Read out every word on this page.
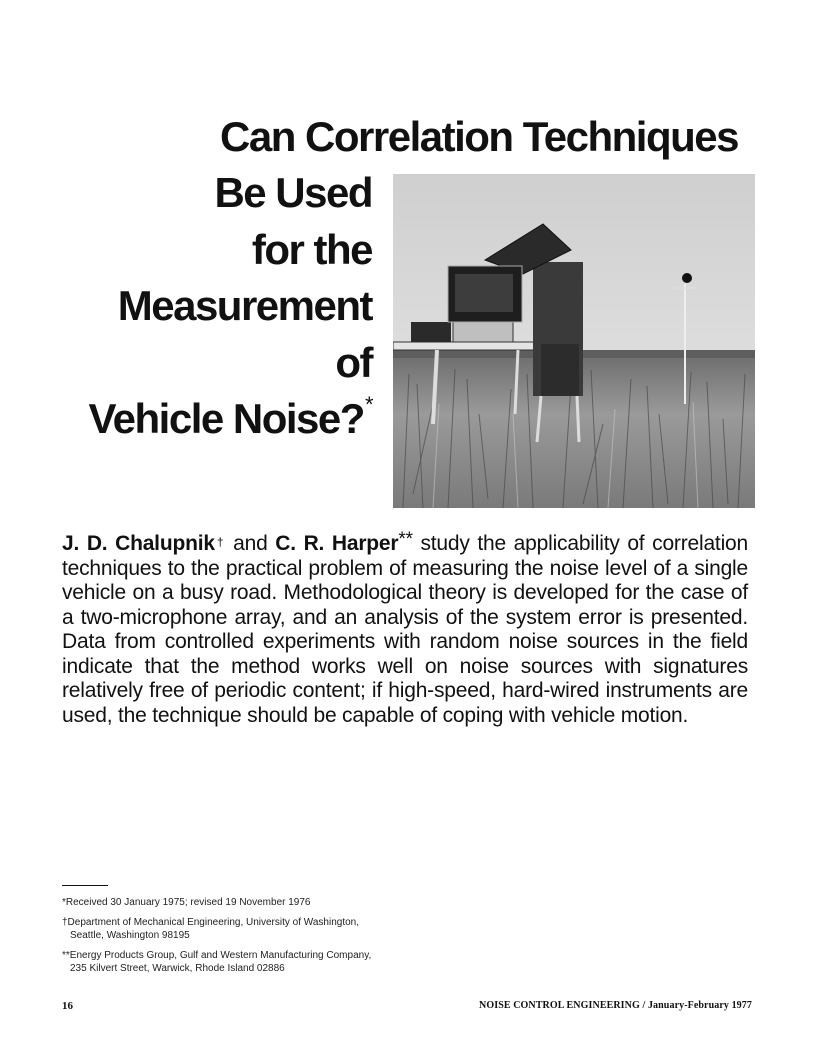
Can Correlation Techniques
Be Used
for the
Measurement
of
Vehicle Noise?*
J. D. Chalupnik† and C. R. Harper** study the applicability of correlation techniques to the practical problem of measuring the noise level of a single vehicle on a busy road. Methodological theory is developed for the case of a two-microphone array, and an analysis of the system error is presented. Data from controlled experiments with random noise sources in the field indicate that the method works well on noise sources with signatures relatively free of periodic content; if high-speed, hard-wired instruments are used, the technique should be capable of coping with vehicle motion.
*Received 30 January 1975; revised 19 November 1976
†Department of Mechanical Engineering, University of Washington,
Seattle, Washington 98195
**Energy Products Group, Gulf and Western Manufacturing Company,
235 Kilvert Street, Warwick, Rhode Island 02886
16	NOISE CONTROL ENGINEERING / January-February 1977
